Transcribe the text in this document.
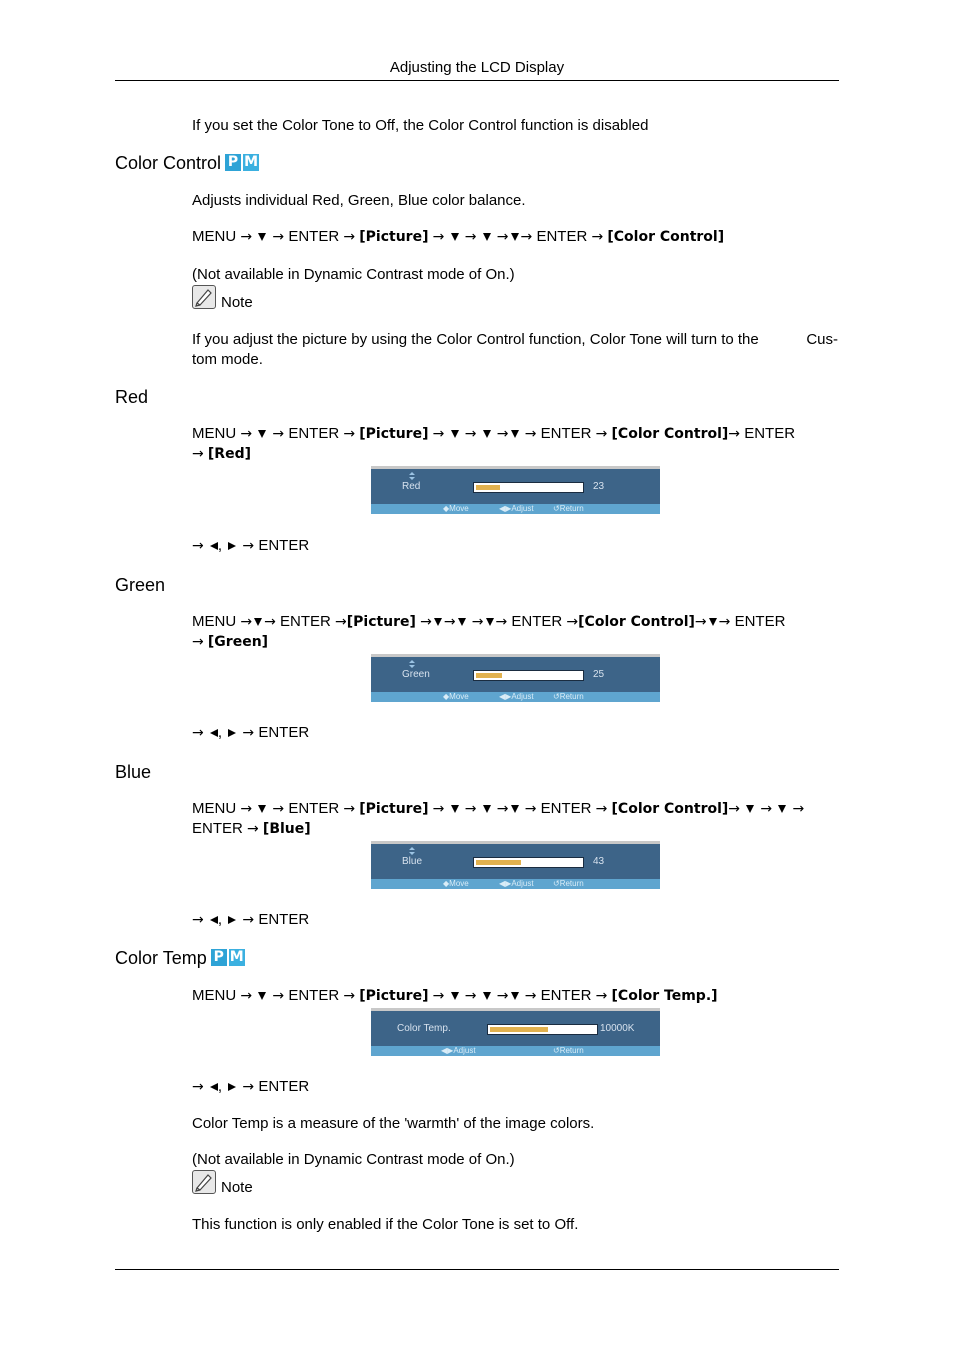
Adjusting the LCD Display
If you set the Color Tone to Off, the Color Control function is disabled
Color Control P M
Adjusts individual Red, Green, Blue color balance.
MENU → → ENTER → [Picture] → → → → ENTER → [Color Control]
(Not available in Dynamic Contrast mode of On.)
Note
If you adjust the picture by using the Color Control function, Color Tone will turn to the	Cus-

tom mode.
Red
MENU → → ENTER → [Picture] → → → → ENTER → [Color Control]→ ENTER
→ [Red]
Red	23
◆ Move	◀▶ Adjust ↺ Return
→ ,  → ENTER
Green
MENU → → ENTER →[Picture] → → → → ENTER →[Color Control]→ → ENTER
→ [Green]
Green	25
◆ Move	◀▶ Adjust ↺ Return
→ ,  → ENTER
Blue
MENU → → ENTER → [Picture] → → → → ENTER → [Color Control]→ → →
ENTER → [Blue]
Blue	43
◆ Move	◀▶ Adjust ↺ Return
→ ,  → ENTER
Color Temp P M
MENU → → ENTER → [Picture] → → → → ENTER → [Color Temp.]
Color Temp.	10000K
◀▶ Adjust	↺ Return
→ ,  → ENTER
Color Temp is a measure of the 'warmth' of the image colors.
(Not available in Dynamic Contrast mode of On.)
Note
This function is only enabled if the Color Tone is set to Off.
